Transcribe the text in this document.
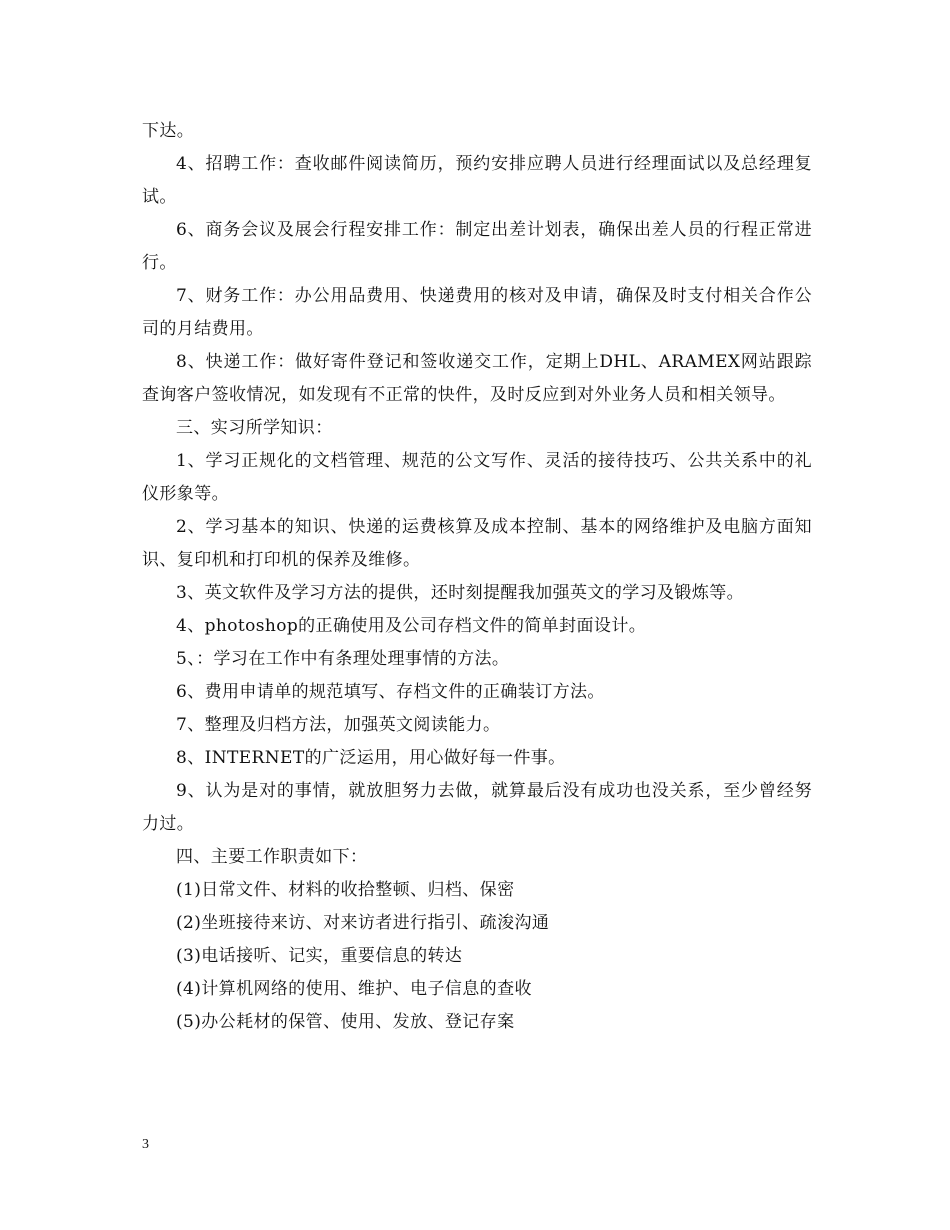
下达。

4、招聘工作：查收邮件阅读简历，预约安排应聘人员进行经理面试以及总经理复试。

6、商务会议及展会行程安排工作：制定出差计划表，确保出差人员的行程正常进行。

7、财务工作：办公用品费用、快递费用的核对及申请，确保及时支付相关合作公司的月结费用。

8、快递工作：做好寄件登记和签收递交工作，定期上DHL、ARAMEX网站跟踪查询客户签收情况，如发现有不正常的快件，及时反应到对外业务人员和相关领导。

三、实习所学知识：

1、学习正规化的文档管理、规范的公文写作、灵活的接待技巧、公共关系中的礼仪形象等。

2、学习基本的知识、快递的运费核算及成本控制、基本的网络维护及电脑方面知识、复印机和打印机的保养及维修。

3、英文软件及学习方法的提供，还时刻提醒我加强英文的学习及锻炼等。

4、photoshop的正确使用及公司存档文件的简单封面设计。

5、：学习在工作中有条理处理事情的方法。

6、费用申请单的规范填写、存档文件的正确装订方法。

7、整理及归档方法，加强英文阅读能力。

8、INTERNET的广泛运用，用心做好每一件事。

9、认为是对的事情，就放胆努力去做，就算最后没有成功也没关系，至少曾经努力过。

四、主要工作职责如下：

(1)日常文件、材料的收拾整顿、归档、保密

(2)坐班接待来访、对来访者进行指引、疏浚沟通

(3)电话接听、记实，重要信息的转达

(4)计算机网络的使用、维护、电子信息的查收

(5)办公耗材的保管、使用、发放、登记存案

3
